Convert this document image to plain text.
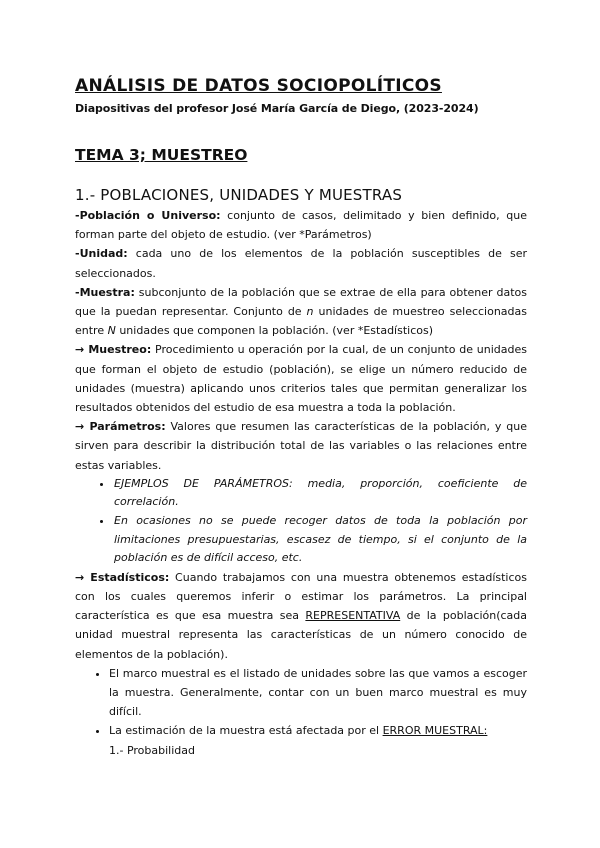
ANÁLISIS DE DATOS SOCIOPOLÍTICOS
Diapositivas del profesor José María García de Diego, (2023-2024)
TEMA 3; MUESTREO
1.- POBLACIONES, UNIDADES Y MUESTRAS

-Población o Universo: conjunto de casos, delimitado y bien definido, que forman parte del objeto de estudio. (ver *Parámetros)

-Unidad: cada uno de los elementos de la población susceptibles de ser seleccionados.

-Muestra: subconjunto de la población que se extrae de ella para obtener datos que la puedan representar. Conjunto de n unidades de muestreo seleccionadas entre N unidades que componen la población. (ver *Estadísticos)

→ Muestreo: Procedimiento u operación por la cual, de un conjunto de unidades que forman el objeto de estudio (población), se elige un número reducido de unidades (muestra) aplicando unos criterios tales que permitan generalizar los resultados obtenidos del estudio de esa muestra a toda la población.

→ Parámetros: Valores que resumen las características de la población, y que sirven para describir la distribución total de las variables o las relaciones entre estas variables.

• EJEMPLOS DE PARÁMETROS: media, proporción, coeficiente de correlación.
• En ocasiones no se puede recoger datos de toda la población por limitaciones presupuestarias, escasez de tiempo, si el conjunto de la población es de difícil acceso, etc.

→ Estadísticos: Cuando trabajamos con una muestra obtenemos estadísticos con los cuales queremos inferir o estimar los parámetros. La principal característica es que esa muestra sea REPRESENTATIVA de la población(cada unidad muestral representa las características de un número conocido de elementos de la población).

• El marco muestral es el listado de unidades sobre las que vamos a escoger la muestra. Generalmente, contar con un buen marco muestral es muy difícil.
• La estimación de la muestra está afectada por el ERROR MUESTRAL:
1.- Probabilidad
